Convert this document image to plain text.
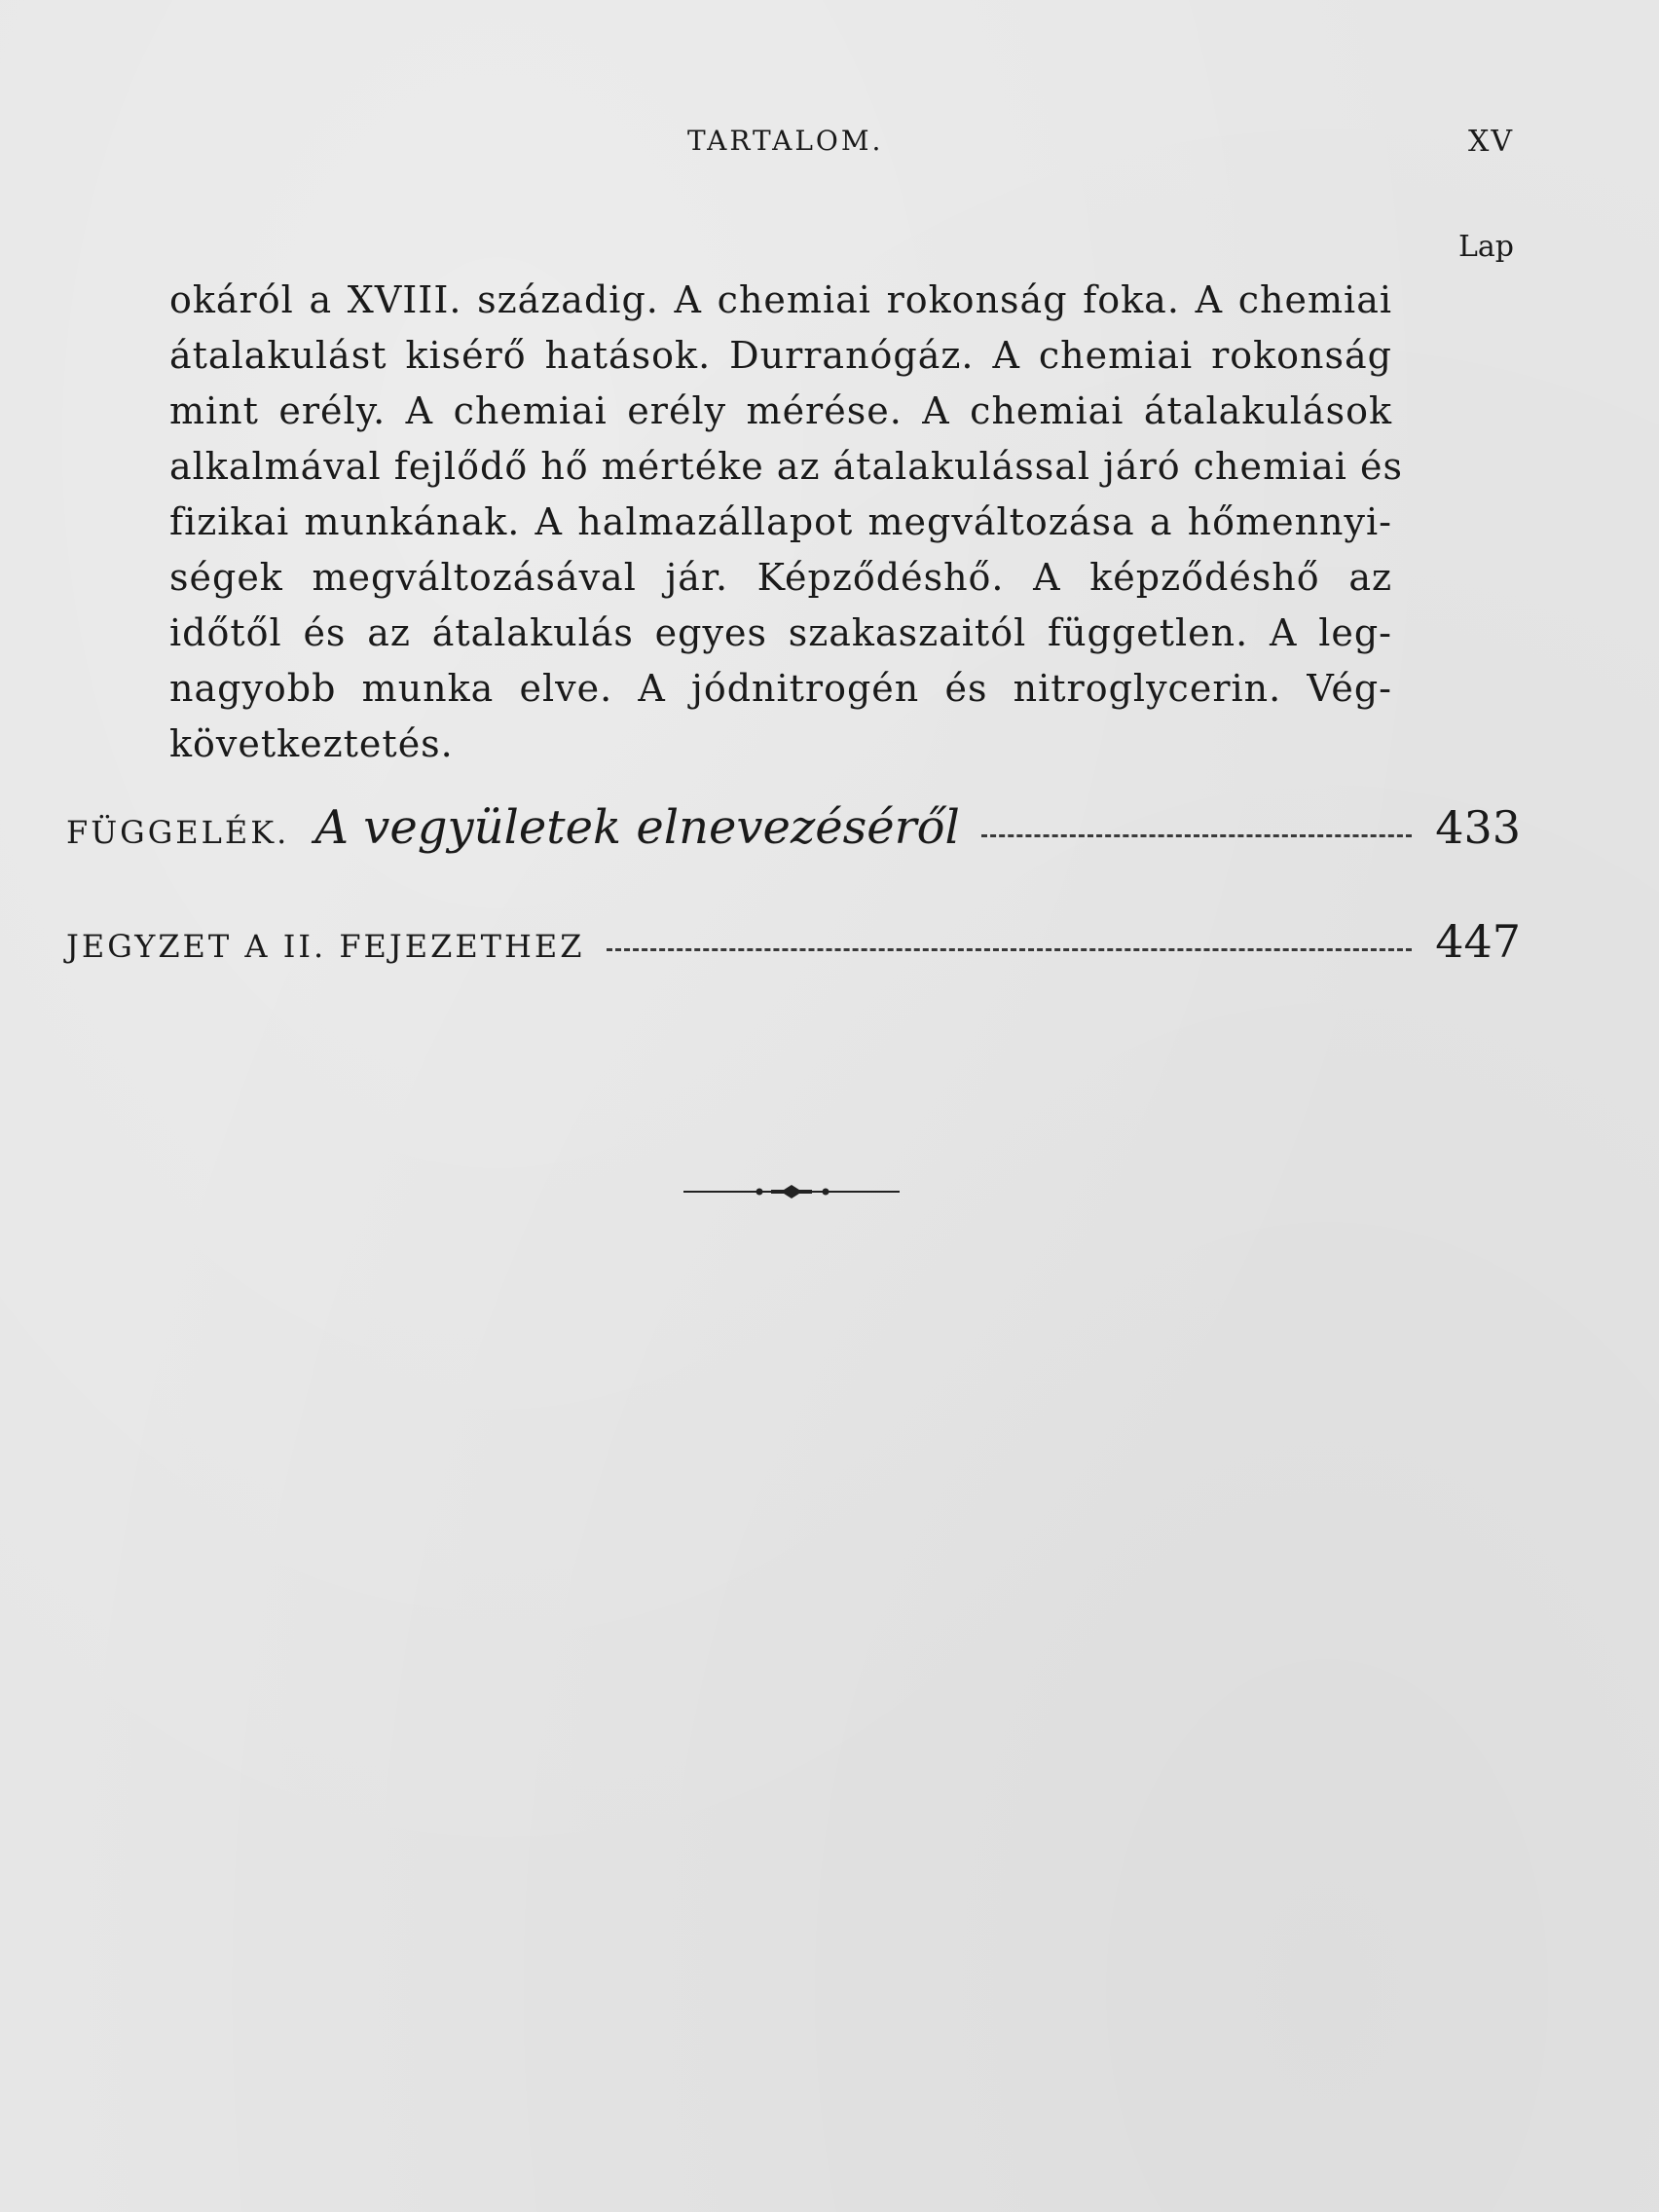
TARTALOM.	XV
Lap
okáról a XVIII. századig. A chemiai rokonság foka. A chemiai
átalakulást kisérő hatások. Durranógáz. A chemiai rokonság
mint erély. A chemiai erély mérése. A chemiai átalakulások
alkalmával fejlődő hő mértéke az átalakulással járó chemiai és
fizikai munkának. A halmazállapot megváltozása a hőmennyi-
ségek megváltozásával jár. Képződéshő. A képződéshő az
időtől és az átalakulás egyes szakaszaitól független. A leg-
nagyobb munka elve. A jódnitrogén és nitroglycerin. Vég-
következtetés.
FÜGGELÉK. A vegyületek elnevezéséről	433
JEGYZET A II. FEJEZETHEZ	447
